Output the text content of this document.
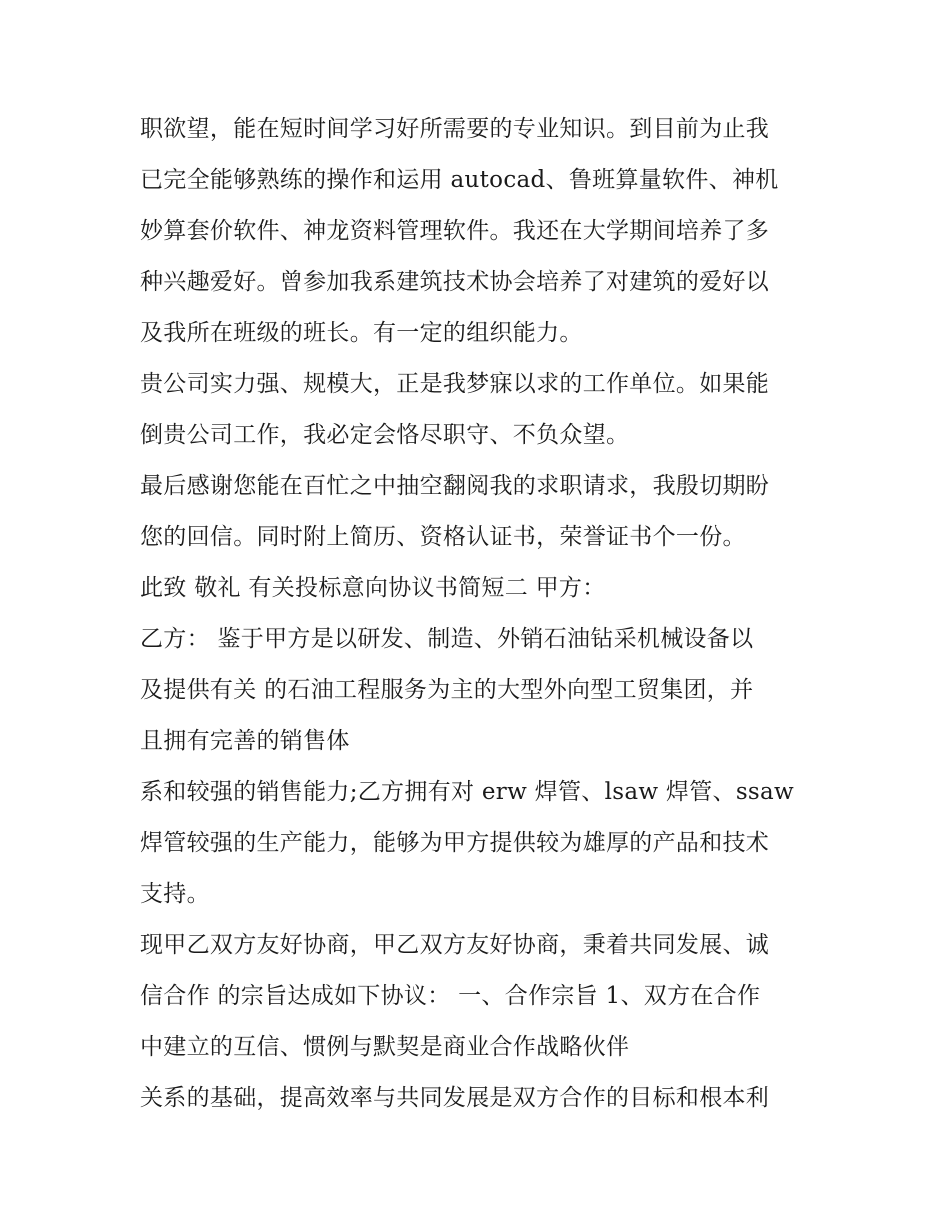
职欲望，能在短时间学习好所需要的专业知识。到目前为止我
已完全能够熟练的操作和运用 autocad、鲁班算量软件、神机
妙算套价软件、神龙资料管理软件。我还在大学期间培养了多
种兴趣爱好。曾参加我系建筑技术协会培养了对建筑的爱好以
及我所在班级的班长。有一定的组织能力。
贵公司实力强、规模大，正是我梦寐以求的工作单位。如果能
倒贵公司工作，我必定会恪尽职守、不负众望。
最后感谢您能在百忙之中抽空翻阅我的求职请求，我殷切期盼
您的回信。同时附上简历、资格认证书，荣誉证书个一份。
此致 敬礼 有关投标意向协议书简短二 甲方：
乙方： 鉴于甲方是以研发、制造、外销石油钻采机械设备以
及提供有关 的石油工程服务为主的大型外向型工贸集团，并
且拥有完善的销售体
系和较强的销售能力;乙方拥有对 erw 焊管、lsaw 焊管、ssaw
焊管较强的生产能力，能够为甲方提供较为雄厚的产品和技术
支持。
现甲乙双方友好协商，甲乙双方友好协商，秉着共同发展、诚
信合作 的宗旨达成如下协议： 一、合作宗旨 1、双方在合作
中建立的互信、惯例与默契是商业合作战略伙伴
关系的基础，提高效率与共同发展是双方合作的目标和根本利
